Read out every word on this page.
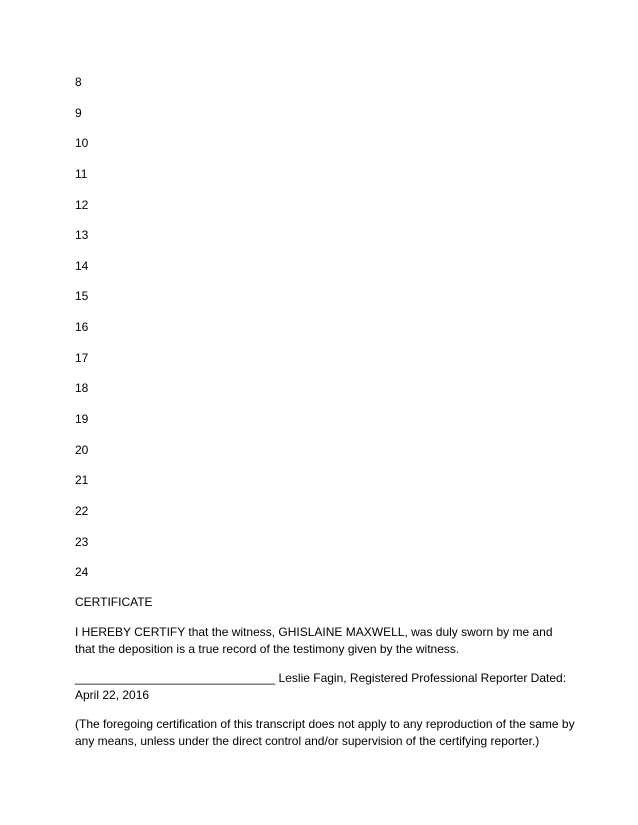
8
9
10
11
12
13
14
15
16
17
18
19
20
21
22
23
24

CERTIFICATE

I HEREBY CERTIFY that the witness, GHISLAINE MAXWELL, was duly sworn by me and that the deposition is a true record of the testimony given by the witness.

______________________________ Leslie Fagin, Registered Professional Reporter Dated: April 22, 2016

(The foregoing certification of this transcript does not apply to any reproduction of the same by any means, unless under the direct control and/or supervision of the certifying reporter.)
